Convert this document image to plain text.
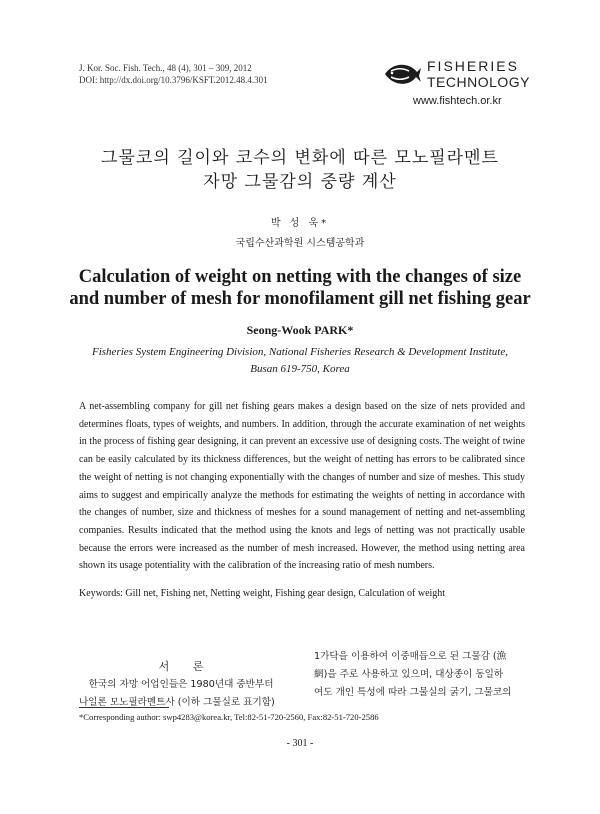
J. Kor. Soc. Fish. Tech., 48 (4), 301 – 309, 2012
DOI: http://dx.doi.org/10.3796/KSFT.2012.48.4.301
FISHERIES
TECHNOLOGY
www.fishtech.or.kr
그물코의 길이와 코수의 변화에 따른 모노필라멘트
자망 그물감의 중량 계산
박 성 욱*
국립수산과학원 시스템공학과
Calculation of weight on netting with the changes of size
and number of mesh for monofilament gill net fishing gear
Seong-Wook PARK*
Fisheries System Engineering Division, National Fisheries Research & Development Institute,
Busan 619-750, Korea
A net-assembling company for gill net fishing gears makes a design based on the size of nets provided and determines floats, types of weights, and numbers. In addition, through the accurate examination of net weights in the process of fishing gear designing, it can prevent an excessive use of designing costs. The weight of twine can be easily calculated by its thickness differences, but the weight of netting has errors to be calibrated since the weight of netting is not changing exponentially with the changes of number and size of meshes. This study aims to suggest and empirically analyze the methods for estimating the weights of netting in accordance with the changes of number, size and thickness of meshes for a sound management of netting and net-assembling companies. Results indicated that the method using the knots and legs of netting was not practically usable because the errors were increased as the number of mesh increased. However, the method using netting area shown its usage potentiality with the calibration of the increasing ratio of mesh numbers.
Keywords: Gill net, Fishing net, Netting weight, Fishing gear design, Calculation of weight
서 론
　한국의 자망 어업인들은 1980년대 중반부터
나일론 모노필라멘트사 (이하 그물실로 표기함)
1가닥을 이용하여 이중매듭으로 된 그물감 (漁
網)을 주로 사용하고 있으며, 대상종이 동일하
여도 개인 특성에 따라 그물실의 굵기, 그물코의
*Corresponding author: swp4283@korea.kr, Tel:82-51-720-2560, Fax:82-51-720-2586
- 301 -
